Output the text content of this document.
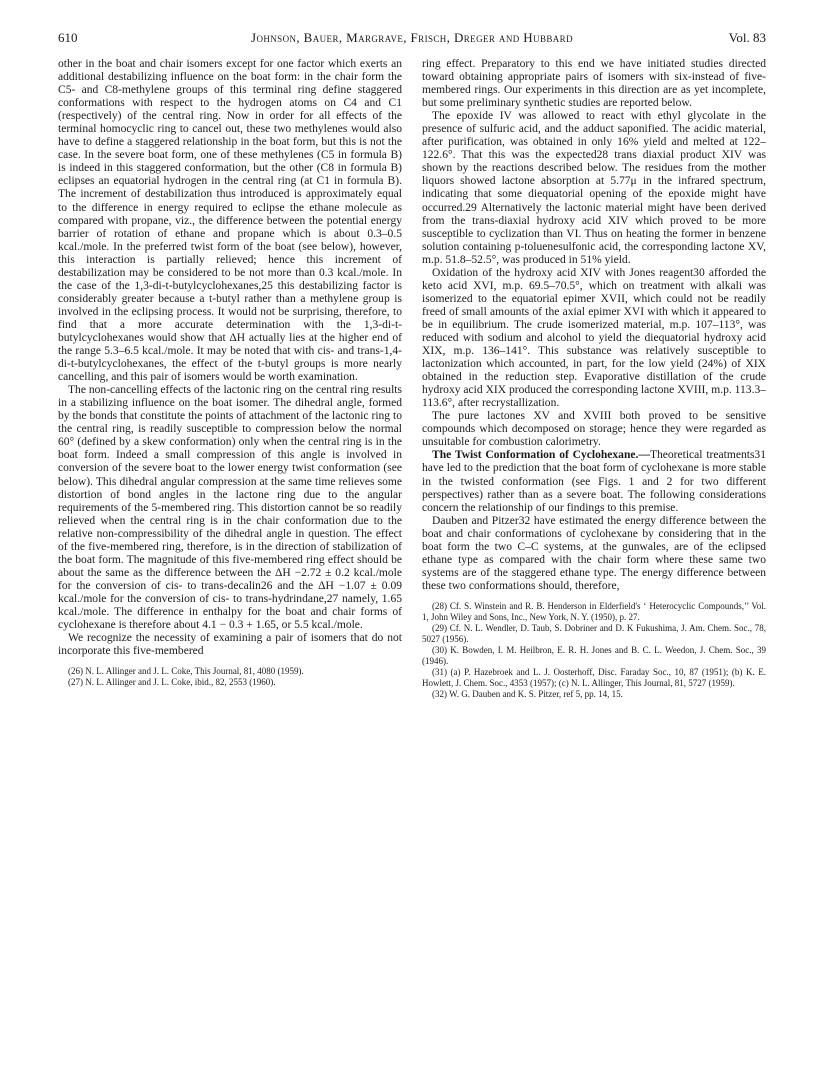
610	Johnson, Bauer, Margrave, Frisch, Dreger and Hubbard	Vol. 83

other in the boat and chair isomers except for one factor which exerts an additional destabilizing influence on the boat form: in the chair form the C5- and C8-methylene groups of this terminal ring define staggered conformations with respect to the hydrogen atoms on C4 and C1 (respectively) of the central ring. Now in order for all effects of the terminal homocyclic ring to cancel out, these two methylenes would also have to define a staggered relationship in the boat form, but this is not the case. In the severe boat form, one of these methylenes (C5 in formula B) is indeed in this staggered conformation, but the other (C8 in formula B) eclipses an equatorial hydrogen in the central ring (at C1 in formula B). The increment of destabilization thus introduced is approximately equal to the difference in energy required to eclipse the ethane molecule as compared with propane, viz., the difference between the potential energy barrier of rotation of ethane and propane which is about 0.3–0.5 kcal./mole. In the preferred twist form of the boat (see below), however, this interaction is partially relieved; hence this increment of destabilization may be considered to be not more than 0.3 kcal./mole. In the case of the 1,3-di-t-butylcyclohexanes,25 this destabilizing factor is considerably greater because a t-butyl rather than a methylene group is involved in the eclipsing process. It would not be surprising, therefore, to find that a more accurate determination with the 1,3-di-t-butylcyclohexanes would show that ΔH actually lies at the higher end of the range 5.3–6.5 kcal./mole. It may be noted that with cis- and trans-1,4-di-t-butylcyclohexanes, the effect of the t-butyl groups is more nearly cancelling, and this pair of isomers would be worth examination.

The non-cancelling effects of the lactonic ring on the central ring results in a stabilizing influence on the boat isomer. The dihedral angle, formed by the bonds that constitute the points of attachment of the lactonic ring to the central ring, is readily susceptible to compression below the normal 60° (defined by a skew conformation) only when the central ring is in the boat form. Indeed a small compression of this angle is involved in conversion of the severe boat to the lower energy twist conformation (see below). This dihedral angular compression at the same time relieves some distortion of bond angles in the lactone ring due to the angular requirements of the 5-membered ring. This distortion cannot be so readily relieved when the central ring is in the chair conformation due to the relative non-compressibility of the dihedral angle in question. The effect of the five-membered ring, therefore, is in the direction of stabilization of the boat form. The magnitude of this five-membered ring effect should be about the same as the difference between the ΔH −2.72 ± 0.2 kcal./mole for the conversion of cis- to trans-decalin26 and the ΔH −1.07 ± 0.09 kcal./mole for the conversion of cis- to trans-hydrindane,27 namely, 1.65 kcal./mole. The difference in enthalpy for the boat and chair forms of cyclohexane is therefore about 4.1 − 0.3 + 1.65, or 5.5 kcal./mole.

We recognize the necessity of examining a pair of isomers that do not incorporate this five-membered

(26) N. L. Allinger and J. L. Coke, This Journal, 81, 4080 (1959).

(27) N. L. Allinger and J. L. Coke, ibid., 82, 2553 (1960).

ring effect. Preparatory to this end we have initiated studies directed toward obtaining appropriate pairs of isomers with six-instead of five-membered rings. Our experiments in this direction are as yet incomplete, but some preliminary synthetic studies are reported below.

The epoxide IV was allowed to react with ethyl glycolate in the presence of sulfuric acid, and the adduct saponified. The acidic material, after purification, was obtained in only 16% yield and melted at 122–122.6°. That this was the expected28 trans diaxial product XIV was shown by the reactions described below. The residues from the mother liquors showed lactone absorption at 5.77μ in the infrared spectrum, indicating that some diequatorial opening of the epoxide might have occurred.29 Alternatively the lactonic material might have been derived from the trans-diaxial hydroxy acid XIV which proved to be more susceptible to cyclization than VI. Thus on heating the former in benzene solution containing p-toluenesulfonic acid, the corresponding lactone XV, m.p. 51.8–52.5°, was produced in 51% yield.

Oxidation of the hydroxy acid XIV with Jones reagent30 afforded the keto acid XVI, m.p. 69.5–70.5°, which on treatment with alkali was isomerized to the equatorial epimer XVII, which could not be readily freed of small amounts of the axial epimer XVI with which it appeared to be in equilibrium. The crude isomerized material, m.p. 107–113°, was reduced with sodium and alcohol to yield the diequatorial hydroxy acid XIX, m.p. 136–141°. This substance was relatively susceptible to lactonization which accounted, in part, for the low yield (24%) of XIX obtained in the reduction step. Evaporative distillation of the crude hydroxy acid XIX produced the corresponding lactone XVIII, m.p. 113.3–113.6°, after recrystallization.

The pure lactones XV and XVIII both proved to be sensitive compounds which decomposed on storage; hence they were regarded as unsuitable for combustion calorimetry.

The Twist Conformation of Cyclohexane.—Theoretical treatments31 have led to the prediction that the boat form of cyclohexane is more stable in the twisted conformation (see Figs. 1 and 2 for two different perspectives) rather than as a severe boat. The following considerations concern the relationship of our findings to this premise.

Dauben and Pitzer32 have estimated the energy difference between the boat and chair conformations of cyclohexane by considering that in the boat form the two C–C systems, at the gunwales, are of the eclipsed ethane type as compared with the chair form where these same two systems are of the staggered ethane type. The energy difference between these two conformations should, therefore,

(28) Cf. S. Winstein and R. B. Henderson in Elderfield's ‘ Heterocyclic Compounds,’’ Vol. 1, John Wiley and Sons, Inc., New York, N. Y. (1950), p. 27.

(29) Cf. N. L. Wendler, D. Taub, S. Dobriner and D. K Fukushima, J. Am. Chem. Soc., 78, 5027 (1956).

(30) K. Bowden, I. M. Heilbron, E. R. H. Jones and B. C. L. Weedon, J. Chem. Soc., 39 (1946).

(31) (a) P. Hazebroek and L. J. Oosterhoff, Disc. Faraday Soc., 10, 87 (1951); (b) K. E. Howlett, J. Chem. Soc., 4353 (1957); (c) N. L. Allinger, This Journal, 81, 5727 (1959).

(32) W. G. Dauben and K. S. Pitzer, ref 5, pp. 14, 15.
